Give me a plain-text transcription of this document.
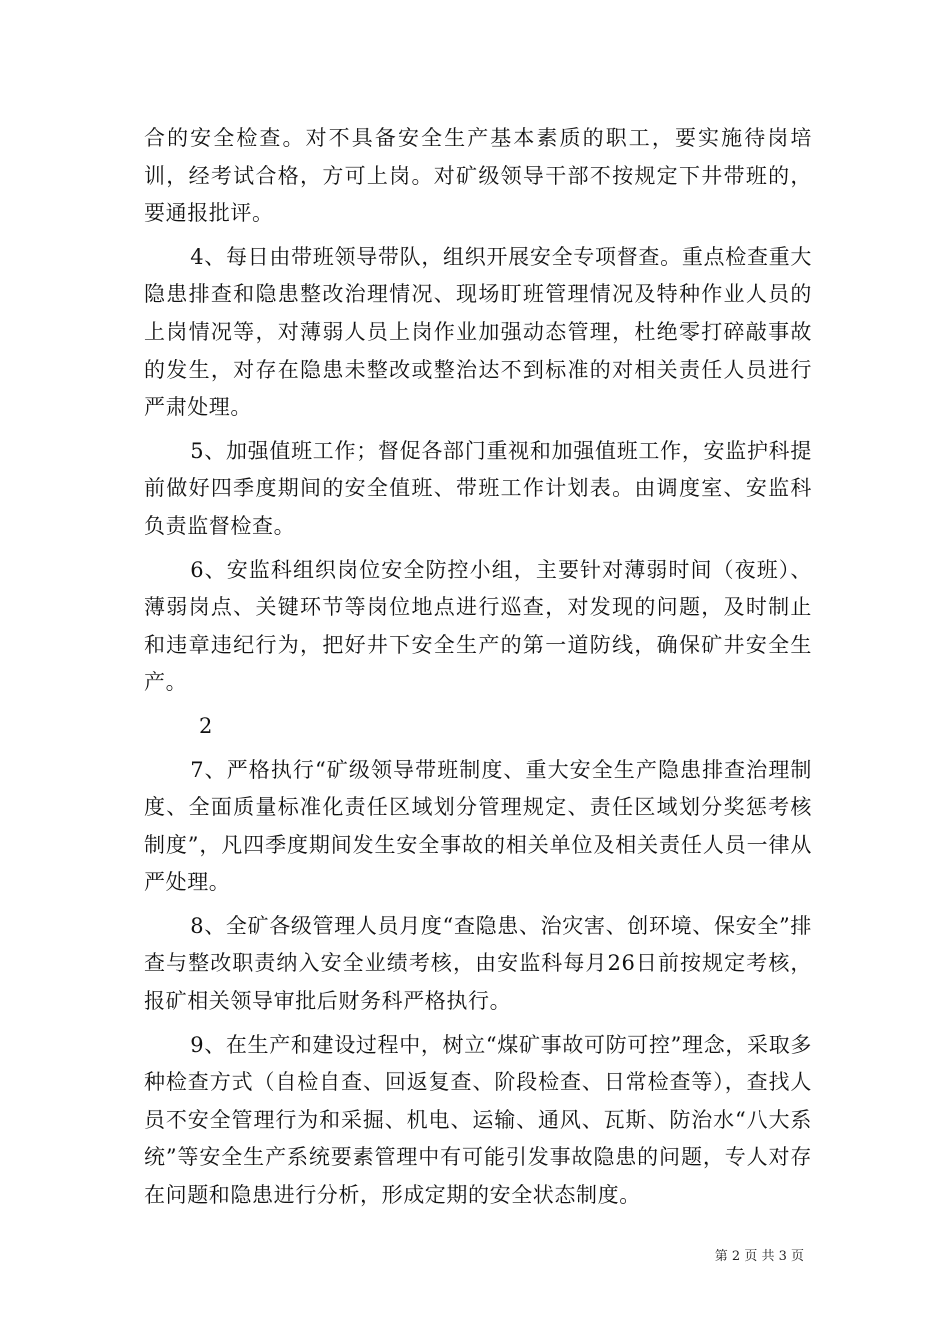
合的安全检查。对不具备安全生产基本素质的职工，要实施待岗培训，经考试合格，方可上岗。对矿级领导干部不按规定下井带班的，要通报批评。

4、每日由带班领导带队，组织开展安全专项督查。重点检查重大隐患排查和隐患整改治理情况、现场盯班管理情况及特种作业人员的上岗情况等，对薄弱人员上岗作业加强动态管理，杜绝零打碎敲事故的发生，对存在隐患未整改或整治达不到标准的对相关责任人员进行严肃处理。

5、加强值班工作；督促各部门重视和加强值班工作，安监护科提前做好四季度期间的安全值班、带班工作计划表。由调度室、安监科负责监督检查。

6、安监科组织岗位安全防控小组，主要针对薄弱时间（夜班）、薄弱岗点、关键环节等岗位地点进行巡查，对发现的问题，及时制止和违章违纪行为，把好井下安全生产的第一道防线，确保矿井安全生产。

2

7、严格执行“矿级领导带班制度、重大安全生产隐患排查治理制度、全面质量标准化责任区域划分管理规定、责任区域划分奖惩考核制度”，凡四季度期间发生安全事故的相关单位及相关责任人员一律从严处理。

8、全矿各级管理人员月度“查隐患、治灾害、创环境、保安全”排查与整改职责纳入安全业绩考核，由安监科每月26日前按规定考核，报矿相关领导审批后财务科严格执行。

9、在生产和建设过程中，树立“煤矿事故可防可控”理念，采取多种检查方式（自检自查、回返复查、阶段检查、日常检查等），查找人员不安全管理行为和采掘、机电、运输、通风、瓦斯、防治水“八大系统”等安全生产系统要素管理中有可能引发事故隐患的问题，专人对存在问题和隐患进行分析，形成定期的安全状态制度。

第 2 页 共 3 页
